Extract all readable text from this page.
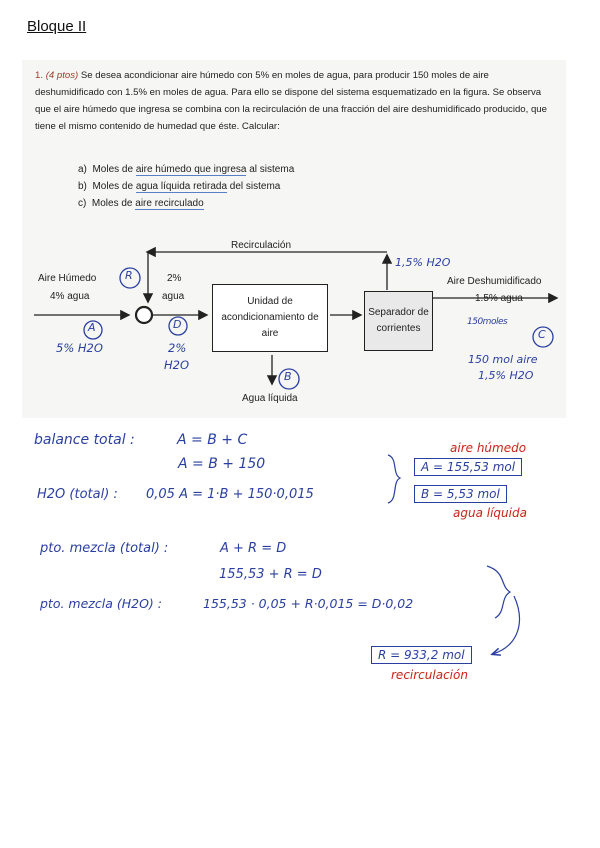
Bloque II
1. (4 ptos) Se desea acondicionar aire húmedo con 5% en moles de agua, para producir 150 moles de aire deshumidificado con 1.5% en moles de agua. Para ello se dispone del sistema esquematizado en la figura. Se observa que el aire húmedo que ingresa se combina con la recirculación de una fracción del aire deshumidificado producido, que tiene el mismo contenido de humedad que éste. Calcular:
a) Moles de aire húmedo que ingresa al sistema
b) Moles de agua líquida retirada del sistema
c) Moles de aire recirculado
Unidad de acondicionamiento de aire
Separador de corrientes
Recirculación
Aire Húmedo
4% agua
2%
agua
Aire Deshumidificado
1.5% agua
Agua líquida
R
A	D
B
C
1,5% H2O
5% H2O	2%
H2O
150moles
150 mol aire
1,5% H2O
balance total :	A = B + C
A = B + 150
H2O (total) : 0,05 A = 1·B + 150·0,015
aire húmedo
A = 155,53 mol
B = 5,53 mol
agua líquida
pto. mezcla (total) :	A + R = D
155,53 + R = D
pto. mezcla (H2O) :	155,53 · 0,05 + R·0,015 = D·0,02
R = 933,2 mol
recirculación
